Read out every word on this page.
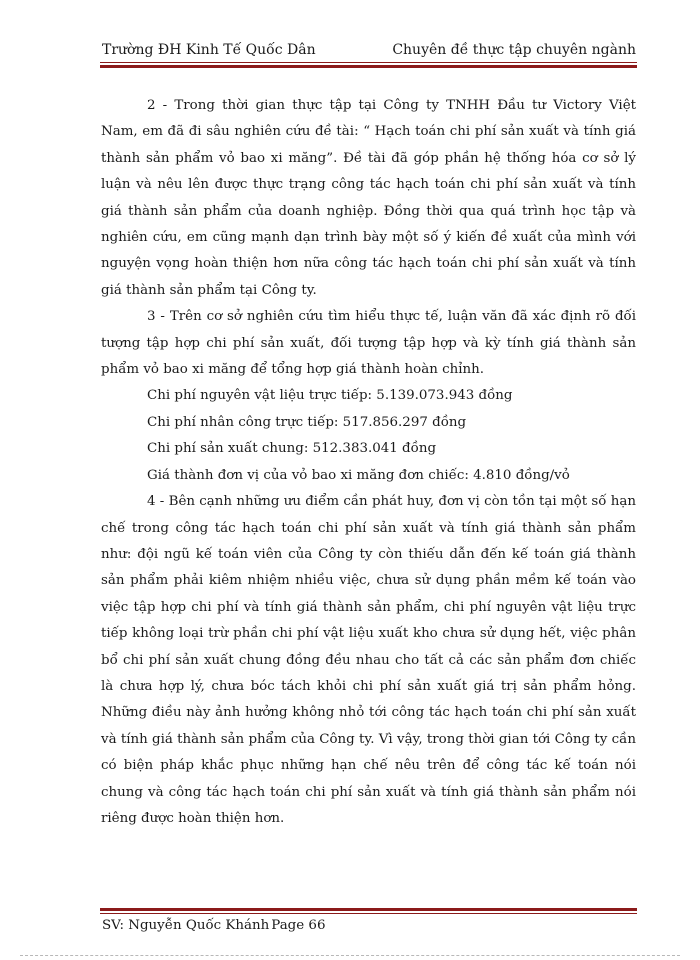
Trường ĐH Kinh Tế Quốc Dân	Chuyên đề thực tập chuyên ngành

2 - Trong thời gian thực tập tại Công ty TNHH Đầu tư Victory Việt Nam, em đã đi sâu nghiên cứu đề tài: “ Hạch toán chi phí sản xuất và tính giá thành sản phẩm vỏ bao xi măng”. Đề tài đã góp phần hệ thống hóa cơ sở lý luận và nêu lên được thực trạng công tác hạch toán chi phí sản xuất và tính giá thành sản phẩm của doanh nghiệp. Đồng thời qua quá trình học tập và nghiên cứu, em cũng mạnh dạn trình bày một số ý kiến đề xuất của mình với nguyện vọng hoàn thiện hơn nữa công tác hạch toán chi phí sản xuất và tính giá thành sản phẩm tại Công ty.

3 - Trên cơ sở nghiên cứu tìm hiểu thực tế, luận văn đã xác định rõ đối tượng tập hợp chi phí sản xuất, đối tượng tập hợp và kỳ tính giá thành sản phẩm vỏ bao xi măng để tổng hợp giá thành hoàn chỉnh.

Chi phí nguyên vật liệu trực tiếp: 5.139.073.943 đồng

Chi phí nhân công trực tiếp: 517.856.297 đồng

Chi phí sản xuất chung: 512.383.041 đồng

Giá thành đơn vị của vỏ bao xi măng đơn chiếc: 4.810 đồng/vỏ

4 - Bên cạnh những ưu điểm cần phát huy, đơn vị còn tồn tại một số hạn chế trong công tác hạch toán chi phí sản xuất và tính giá thành sản phẩm như: đội ngũ kế toán viên của Công ty còn thiếu dẫn đến kế toán giá thành sản phẩm phải kiêm nhiệm nhiều việc, chưa sử dụng phần mềm kế toán vào việc tập hợp chi phí và tính giá thành sản phẩm, chi phí nguyên vật liệu trực tiếp không loại trừ phần chi phí vật liệu xuất kho chưa sử dụng hết, việc phân bổ chi phí sản xuất chung đồng đều nhau cho tất cả các sản phẩm đơn chiếc là chưa hợp lý, chưa bóc tách khỏi chi phí sản xuất giá trị sản phẩm hỏng. Những điều này ảnh hưởng không nhỏ tới công tác hạch toán chi phí sản xuất và tính giá thành sản phẩm của Công ty. Vì vậy, trong thời gian tới Công ty cần có biện pháp khắc phục những hạn chế nêu trên để công tác kế toán nói chung và công tác hạch toán chi phí sản xuất và tính giá thành sản phẩm nói riêng được hoàn thiện hơn.

SV: Nguyễn Quốc Khánh Page 66
